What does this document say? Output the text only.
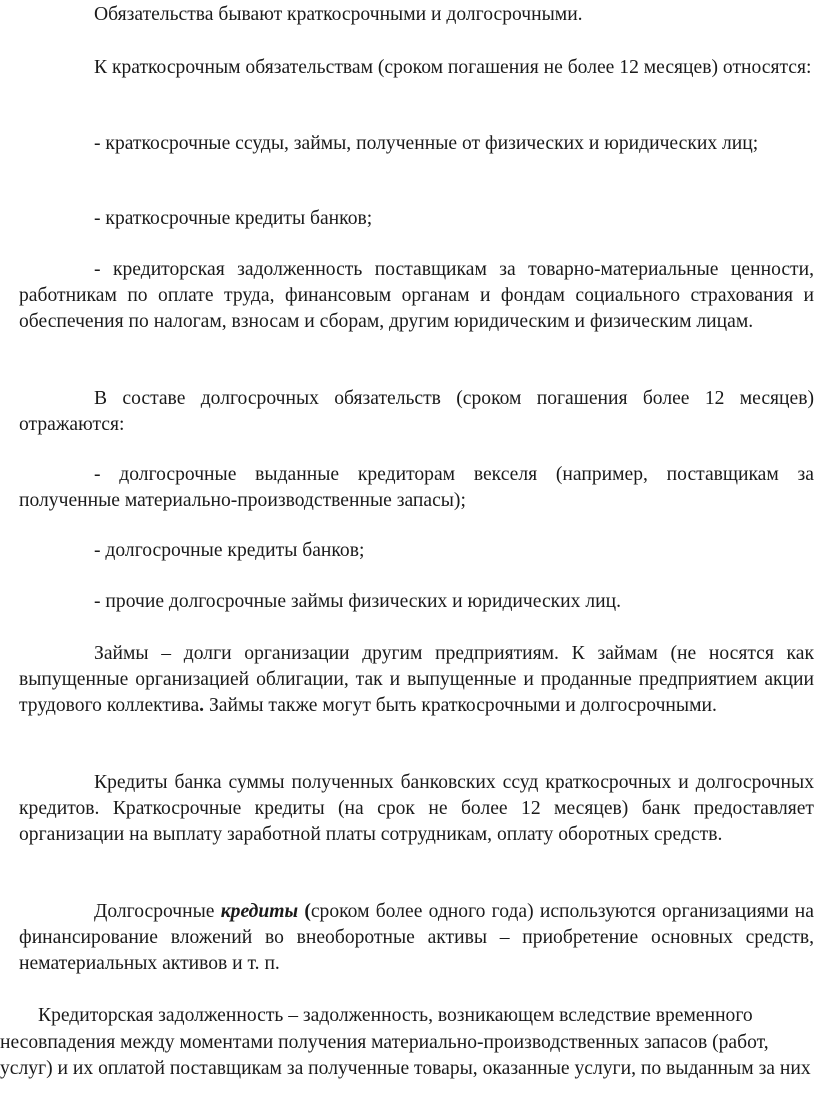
Обязательства бывают краткосрочными и долгосрочными.

К краткосрочным обязательствам (сроком погашения не более 12 месяцев) относятся:

- краткосрочные ссуды, займы, полученные от физических и юридических лиц;

- краткосрочные кредиты банков;

- кредиторская задолженность поставщикам за товарно-материальные ценности, работникам по оплате труда, финансовым органам и фондам социального страхования и обеспечения по налогам, взносам и сборам, другим юридическим и физическим лицам.

В составе долгосрочных обязательств (сроком погашения более 12 месяцев) отражаются:

- долгосрочные выданные кредиторам векселя (например, поставщикам за полученные материально-производственные запасы);

- долгосрочные кредиты банков;

- прочие долгосрочные займы физических и юридических лиц.

Займы – долги организации другим предприятиям. К займам (не носятся как выпущенные организацией облигации, так и выпущенные и проданные предприятием акции трудового коллектива. Займы также могут быть краткосрочными и долгосрочными.

Кредиты банка суммы полученных банковских ссуд краткосрочных и долгосрочных кредитов. Краткосрочные кредиты (на срок не более 12 месяцев) банк предоставляет организации на выплату заработной платы сотрудникам, оплату оборотных средств.

Долгосрочные кредиты (сроком более одного года) используются организациями на финансирование вложений во внеоборотные активы – приобретение основных средств, нематериальных активов и т. п.

Кредиторская задолженность – задолженность, возникающем вследствие временного несовпадения между моментами получения материально-производственных запасов (работ, услуг) и их оплатой поставщикам за полученные товары, оказанные услуги, по выданным за них
